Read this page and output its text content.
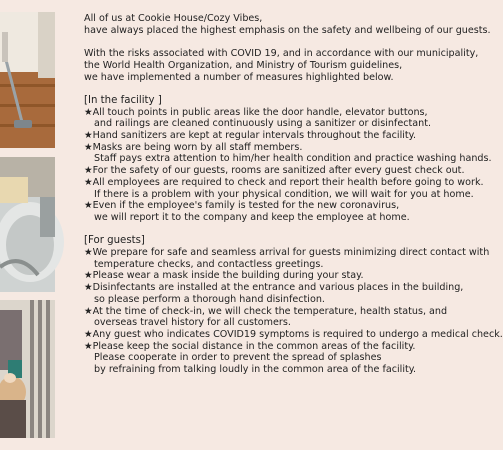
All of us at Cookie House/Cozy Vibes,

have always placed the highest emphasis on the safety and wellbeing of our guests.

With the risks associated with COVID 19, and in accordance with our municipality,

the World Health Organization, and Ministry of Tourism guidelines,

we have implemented a number of measures highlighted below.

[In the facility ]

★All touch points in public areas like the door handle, elevator buttons,

and railings are cleaned continuously using a sanitizer or disinfectant.

★Hand sanitizers are kept at regular intervals throughout the facility.

★Masks are being worn by all staff members.

Staff pays extra attention to him/her health condition and practice washing hands.

★For the safety of our guests, rooms are sanitized after every guest check out.

★All employees are required to check and report their health before going to work.

If there is a problem with your physical condition, we will wait for you at home.

★Even if the employee's family is tested for the new coronavirus,

we will report it to the company and keep the employee at home.

[For guests]

★We prepare for safe and seamless arrival for guests minimizing direct contact with

temperature checks, and contactless greetings.

★Please wear a mask inside the building during your stay.

★Disinfectants are installed at the entrance and various places in the building,

so please perform a thorough hand disinfection.

★At the time of check-in, we will check the temperature, health status, and

overseas travel history for all customers.

★Any guest who indicates COVID19 symptoms is required to undergo a medical check.

★Please keep the social distance in the common areas of the facility.

Please cooperate in order to prevent the spread of splashes

by refraining from talking loudly in the common area of the facility.
